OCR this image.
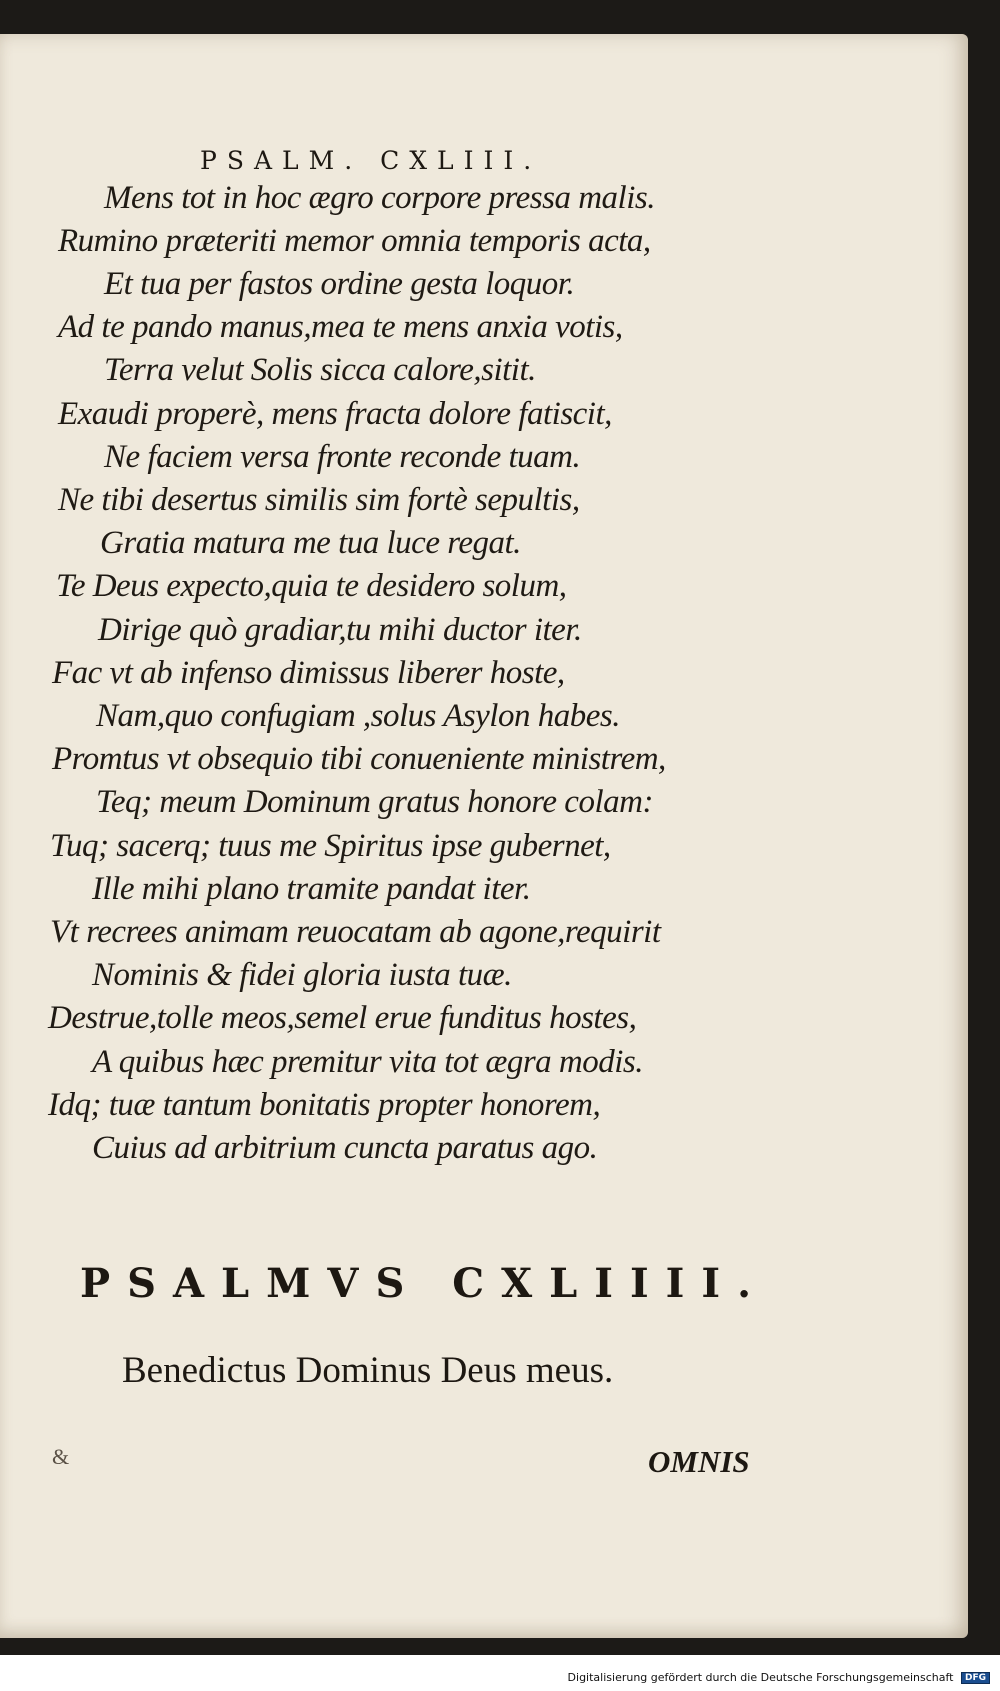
PSALM. CXLIII.
Mens tot in hoc ægro corpore pressa malis.
Rumino præteriti memor omnia temporis acta,
Et tua per fastos ordine gesta loquor.
Ad te pando manus,mea te mens anxia votis,
Terra velut Solis sicca calore,sitit.
Exaudi properè, mens fracta dolore fatiscit,
Ne faciem versa fronte reconde tuam.
Ne tibi desertus similis sim fortè sepultis,
Gratia matura me tua luce regat.
Te Deus expecto,quia te desidero solum,
Dirige quò gradiar,tu mihi ductor iter.
Fac vt ab infenso dimissus liberer hoste,
Nam,quo confugiam ,solus Asylon habes.
Promtus vt obsequio tibi conueniente ministrem,
Teq; meum Dominum gratus honore colam:
Tuq; sacerq; tuus me Spiritus ipse gubernet,
Ille mihi plano tramite pandat iter.
Vt recrees animam reuocatam ab agone,requirit
Nominis & fidei gloria iusta tuæ.
Destrue,tolle meos,semel erue funditus hostes,
A quibus hæc premitur vita tot ægra modis.
Idq; tuæ tantum bonitatis propter honorem,
Cuius ad arbitrium cuncta paratus ago.
PSALMVS CXLIIII.
Benedictus Dominus Deus meus.
&	OMNIS
Digitalisierung gefördert durch die Deutsche Forschungsgemeinschaft DFG
